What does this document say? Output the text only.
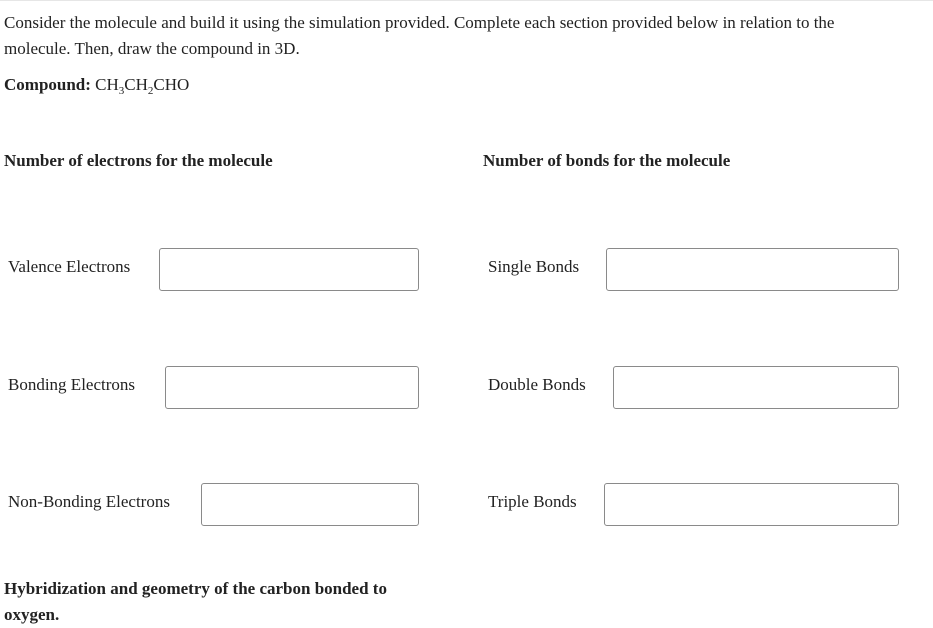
Consider the molecule and build it using the simulation provided. Complete each section provided below in relation to the molecule. Then, draw the compound in 3D.

Compound: $CH_3CH_2CHO$

Number of electrons for the molecule
Valence Electrons
Bonding Electrons
Non-Bonding Electrons
Number of bonds for the molecule
Single Bonds
Double Bonds
Triple Bonds
Hybridization and geometry of the carbon bonded to oxygen.
